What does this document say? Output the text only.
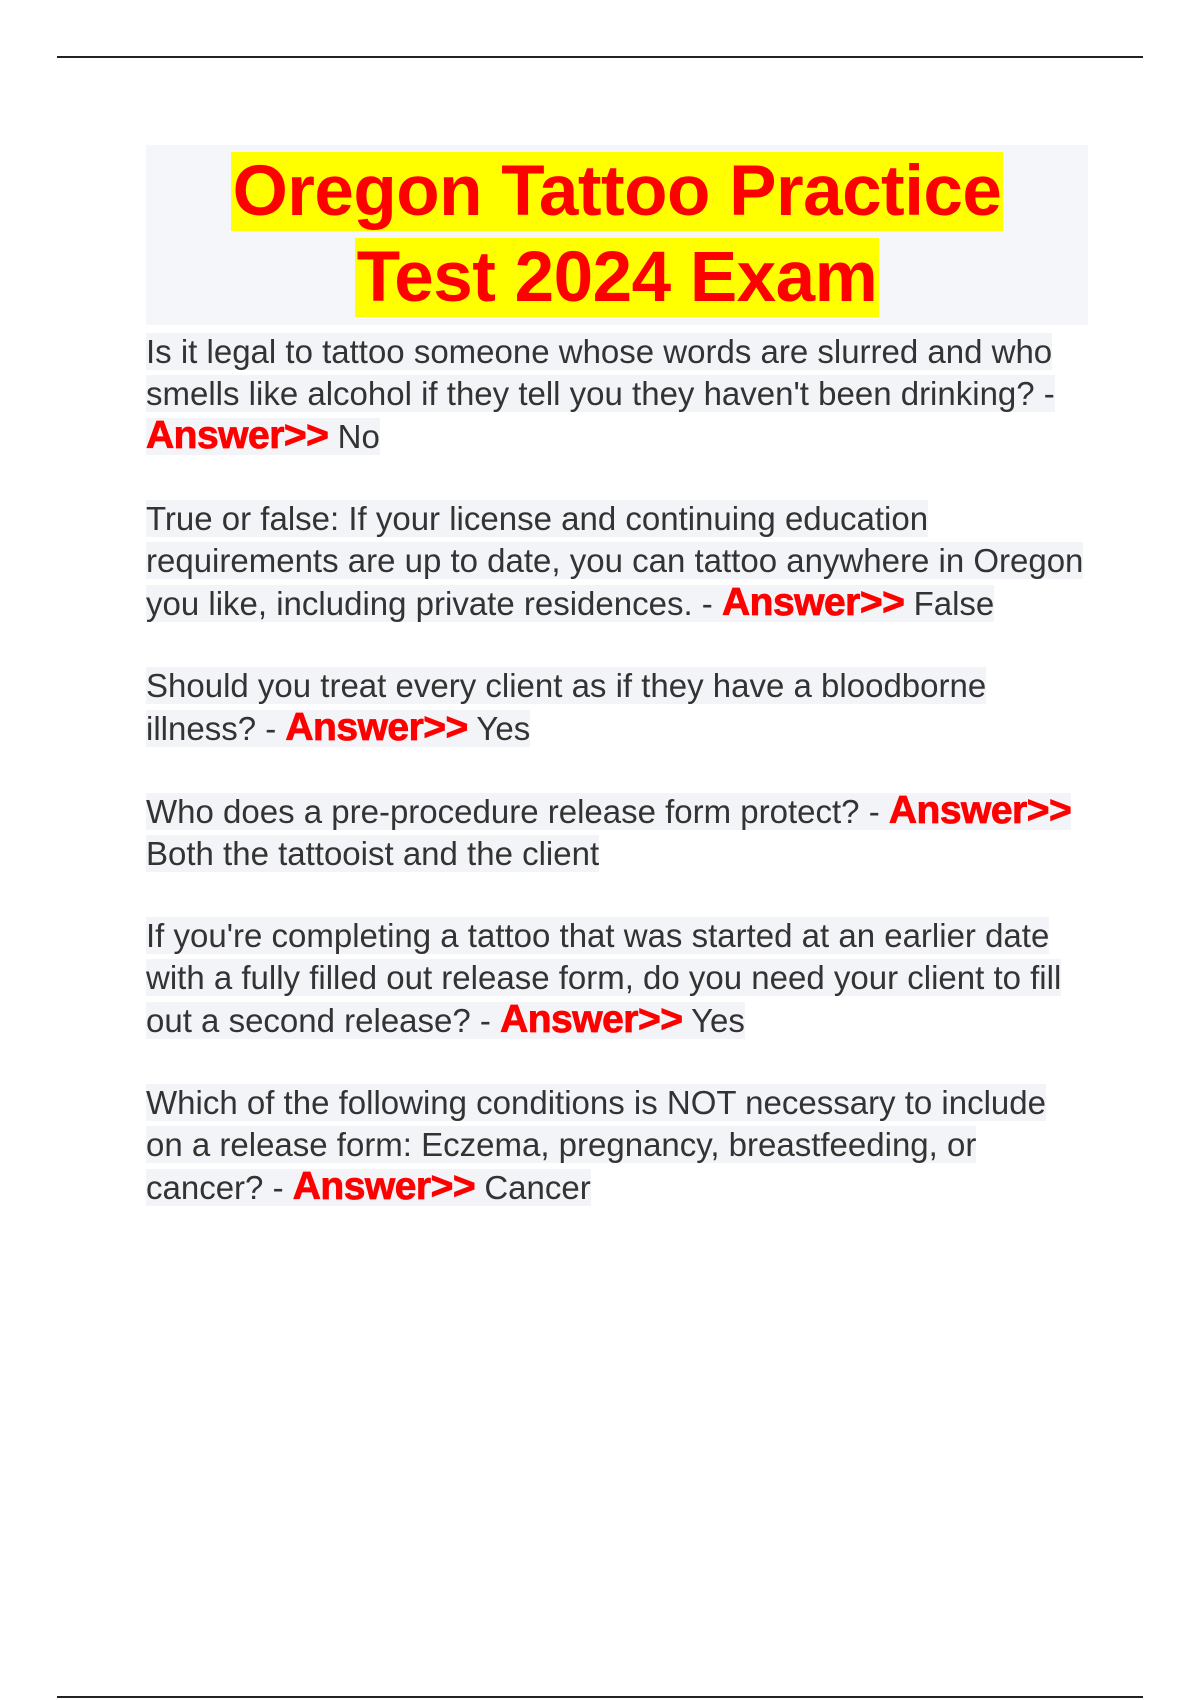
Oregon Tattoo Practice
Test 2024 Exam
Is it legal to tattoo someone whose words are slurred and who smells like alcohol if they tell you they haven't been drinking? - Answer>> No
True or false: If your license and continuing education requirements are up to date, you can tattoo anywhere in Oregon you like, including private residences. - Answer>> False
Should you treat every client as if they have a bloodborne illness? - Answer>> Yes
Who does a pre-procedure release form protect? - Answer>> Both the tattooist and the client
If you're completing a tattoo that was started at an earlier date with a fully filled out release form, do you need your client to fill out a second release? - Answer>> Yes
Which of the following conditions is NOT necessary to include on a release form: Eczema, pregnancy, breastfeeding, or cancer? - Answer>> Cancer
